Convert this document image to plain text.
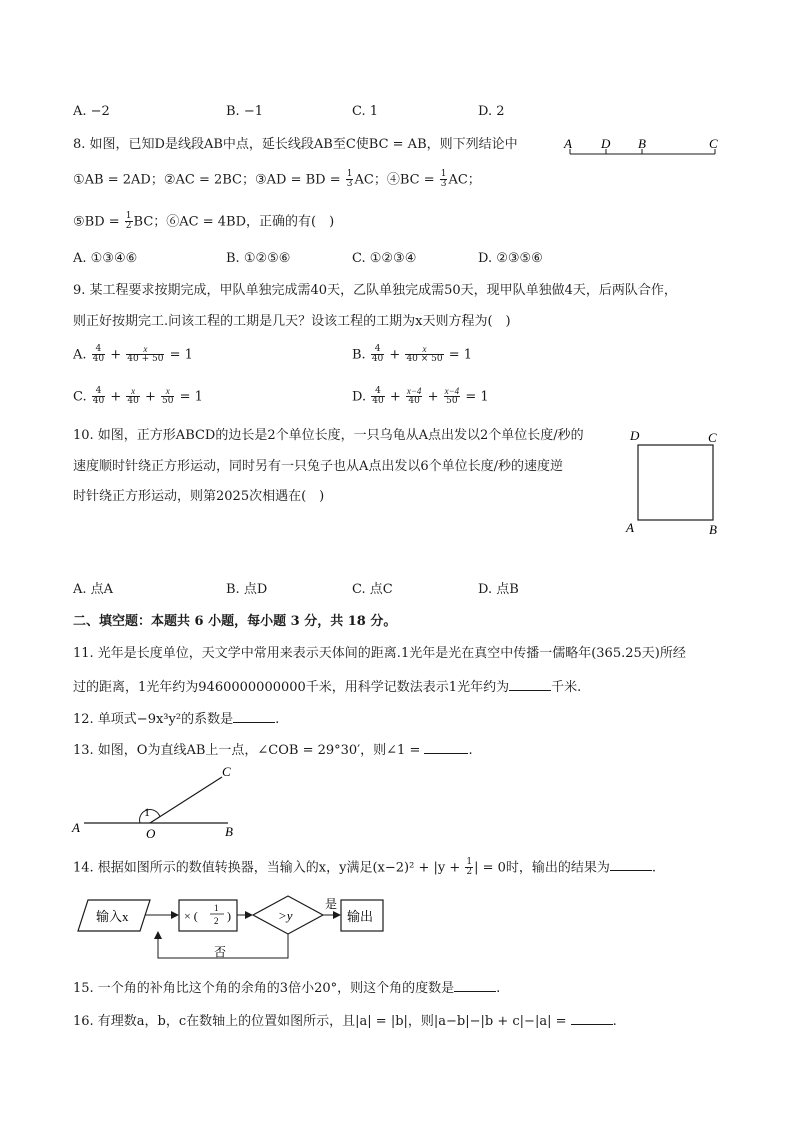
A. −2	B. −1	C. 1	D. 2
8. 如图，已知D是线段AB中点，延长线段AB至C使BC = AB，则下列结论中	A D B	C
①AB = 2AD；②AC = 2BC；③AD = BD = $\frac{1}{3}$ AC；④BC = $\frac{1}{3}$ AC；
⑤BD = $\frac{1}{2}$ BC；⑥AC = 4BD，正确的有(　)
A. ①③④⑥	B. ①②⑤⑥	C. ①②③④	D. ②③⑤⑥
9. 某工程要求按期完成，甲队单独完成需40天，乙队单独完成需50天，现甲队单独做4天，后两队合作，
则正好按期完工.问该工程的工期是几天？设该工程的工期为x天则方程为(　)
A. $\frac{4}{40} + \frac{x}{40 + 50} = 1$	B. $\frac{4}{40} + \frac{x}{40 \times 50} = 1$
C. $\frac{4}{40} + \frac{x}{40} + \frac{x}{50} = 1$	D. $\frac{4}{40} + \frac{x-4}{40} + \frac{x-4}{50} = 1$
10. 如图，正方形ABCD的边长是2个单位长度，一只乌龟从A点出发以2个单位长度/秒的
速度顺时针绕正方形运动，同时另有一只兔子也从A点出发以6个单位长度/秒的速度逆
时针绕正方形运动，则第2025次相遇在(　)
D	C
A	B
A. 点A	B. 点D	C. 点C	D. 点B
二、填空题：本题共 6 小题，每小题 3 分，共 18 分。
11. 光年是长度单位，天文学中常用来表示天体间的距离.1光年是光在真空中传播一儒略年(365.25天)所经
过的距离，1光年约为9460000000000千米，用科学记数法表示1光年约为	千米.
12. 单项式−9x³y²的系数是	.
13. 如图，O为直线AB上一点，∠COB = 29°30′，则∠1 =	.
C
1
A	O	B
14. 根据如图所示的数值转换器，当输入的x，y满足$(x-2)^2 + |y + \frac{1}{2}$ | = 0时，输出的结果为	.
输入x	× (
1
2 )	>y
是
输出
否
15. 一个角的补角比这个角的余角的3倍小20°，则这个角的度数是	.
16. 有理数a，b，c在数轴上的位置如图所示，且|a| = |b|，则|a−b|−|b + c|−|a| =	.
